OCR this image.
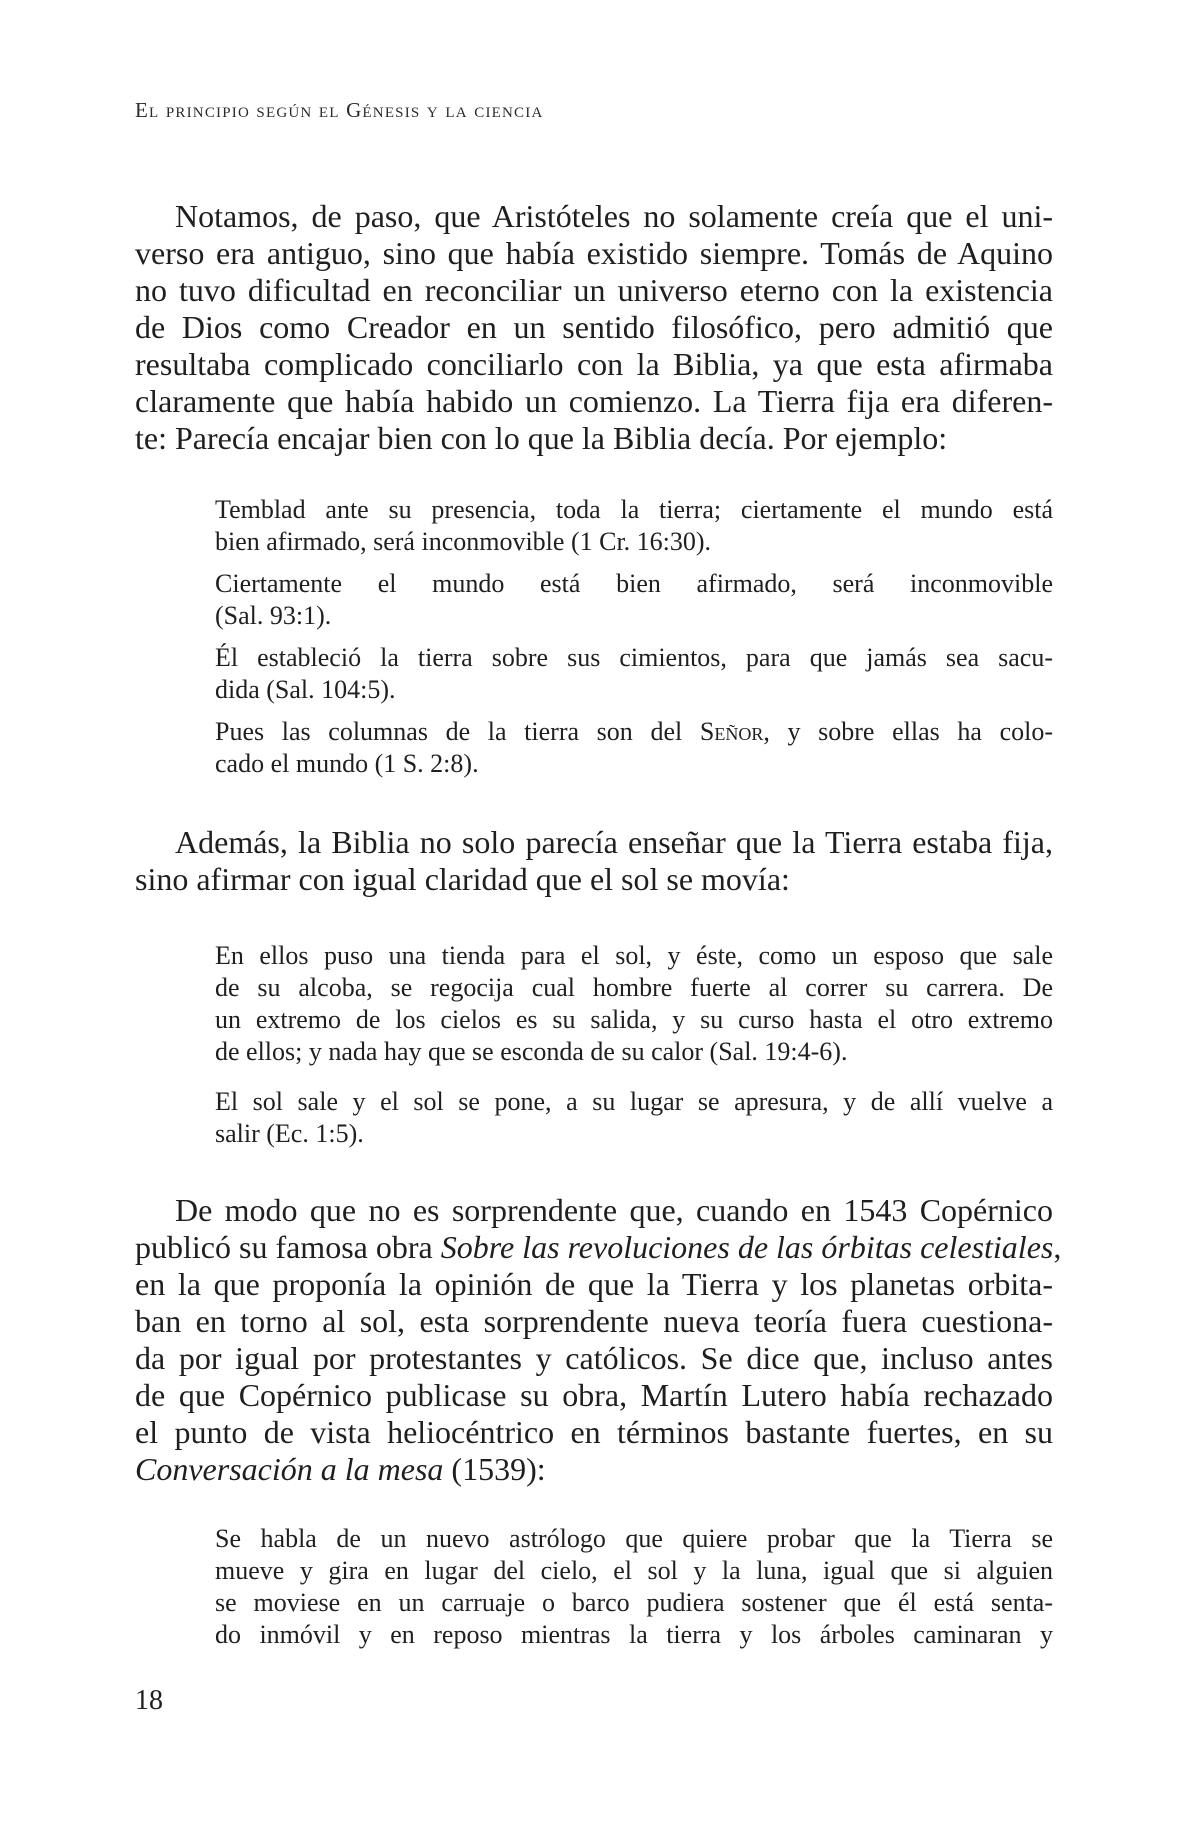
El principio según el Génesis y la ciencia

Notamos, de paso, que Aristóteles no solamente creía que el uni-
verso era antiguo, sino que había existido siempre. Tomás de Aquino
no tuvo dificultad en reconciliar un universo eterno con la existencia
de Dios como Creador en un sentido filosófico, pero admitió que
resultaba complicado conciliarlo con la Biblia, ya que esta afirmaba
claramente que había habido un comienzo. La Tierra fija era diferen-
te: Parecía encajar bien con lo que la Biblia decía. Por ejemplo:

Temblad ante su presencia, toda la tierra; ciertamente el mundo está
bien afirmado, será inconmovible (1 Cr. 16:30).

Ciertamente el mundo está bien afirmado, será inconmovible
(Sal. 93:1).

Él estableció la tierra sobre sus cimientos, para que jamás sea sacu-
dida (Sal. 104:5).

Pues las columnas de la tierra son del Señor, y sobre ellas ha colo-
cado el mundo (1 S. 2:8).

Además, la Biblia no solo parecía enseñar que la Tierra estaba fija,
sino afirmar con igual claridad que el sol se movía:

En ellos puso una tienda para el sol, y éste, como un esposo que sale
de su alcoba, se regocija cual hombre fuerte al correr su carrera. De
un extremo de los cielos es su salida, y su curso hasta el otro extremo
de ellos; y nada hay que se esconda de su calor (Sal. 19:4-6).

El sol sale y el sol se pone, a su lugar se apresura, y de allí vuelve a
salir (Ec. 1:5).

De modo que no es sorprendente que, cuando en 1543 Copérnico
publicó su famosa obra Sobre las revoluciones de las órbitas celestiales,
en la que proponía la opinión de que la Tierra y los planetas orbita-
ban en torno al sol, esta sorprendente nueva teoría fuera cuestiona-
da por igual por protestantes y católicos. Se dice que, incluso antes
de que Copérnico publicase su obra, Martín Lutero había rechazado
el punto de vista heliocéntrico en términos bastante fuertes, en su
Conversación a la mesa (1539):

Se habla de un nuevo astrólogo que quiere probar que la Tierra se
mueve y gira en lugar del cielo, el sol y la luna, igual que si alguien
se moviese en un carruaje o barco pudiera sostener que él está senta-
do inmóvil y en reposo mientras la tierra y los árboles caminaran y

18
